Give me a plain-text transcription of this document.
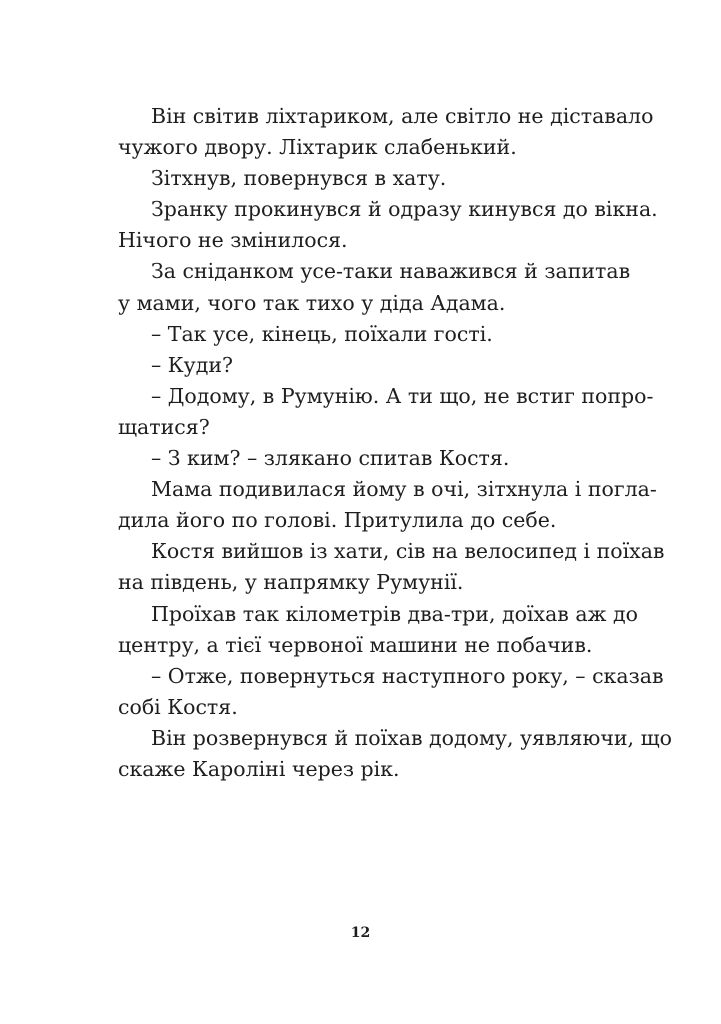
Він світив ліхтариком, але світло не діставало
чужого двору. Ліхтарик слабенький.
Зітхнув, повернувся в хату.
Зранку прокинувся й одразу кинувся до вікна.
Нічого не змінилося.
За сніданком усе-таки наважився й запитав
у мами, чого так тихо у діда Адама.
– Так усе, кінець, поїхали гості.
– Куди?
– Додому, в Румунію. А ти що, не встиг попро-
щатися?
– З ким? – злякано спитав Костя.
Мама подивилася йому в очі, зітхнула і погла-
дила його по голові. Притулила до себе.
Костя вийшов із хати, сів на велосипед і поїхав
на південь, у напрямку Румунії.
Проїхав так кілометрів два-три, доїхав аж до
центру, а тієї червоної машини не побачив.
– Отже, повернуться наступного року, – сказав
собі Костя.
Він розвернувся й поїхав додому, уявляючи, що
скаже Кароліні через рік.
12
